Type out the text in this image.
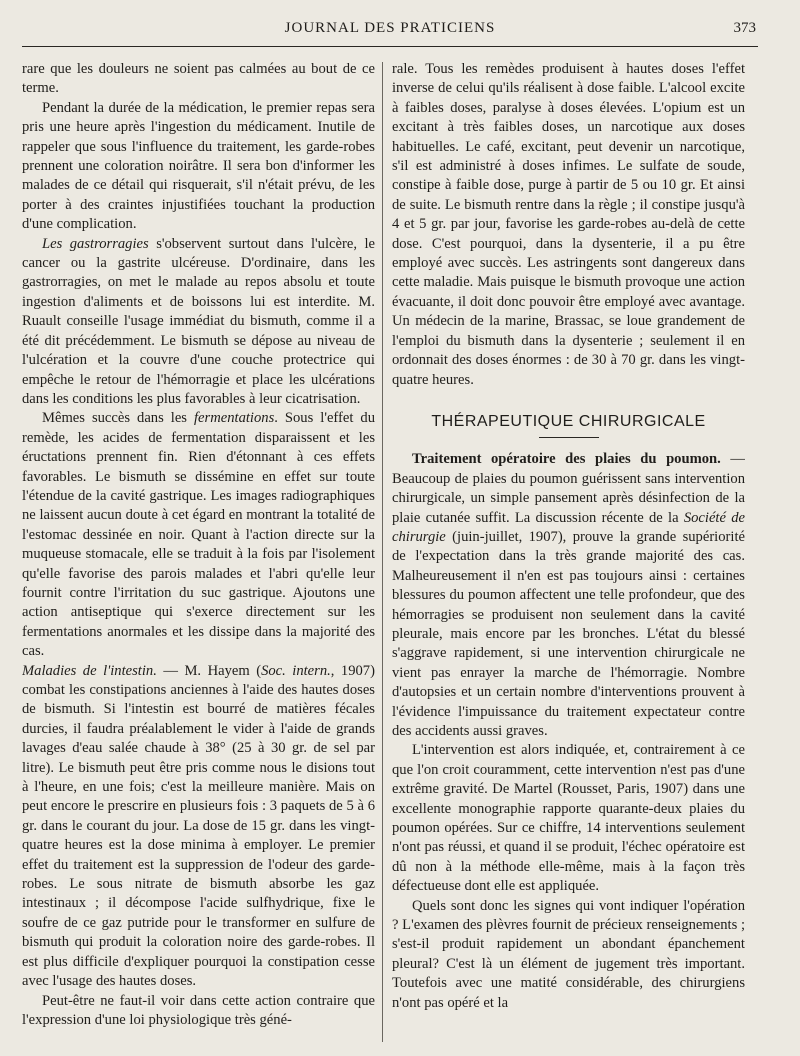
JOURNAL DES PRATICIENS	373

rare que les douleurs ne soient pas calmées au bout de ce terme.

Pendant la durée de la médication, le premier repas sera pris une heure après l'ingestion du médicament. Inutile de rappeler que sous l'influence du traitement, les garde-robes prennent une coloration noirâtre. Il sera bon d'informer les malades de ce détail qui risquerait, s'il n'était prévu, de les porter à des craintes injustifiées touchant la production d'une complication.

Les gastrorragies s'observent surtout dans l'ulcère, le cancer ou la gastrite ulcéreuse. D'ordinaire, dans les gastrorragies, on met le malade au repos absolu et toute ingestion d'aliments et de boissons lui est interdite. M. Ruault conseille l'usage immédiat du bismuth, comme il a été dit précédemment. Le bismuth se dépose au niveau de l'ulcération et la couvre d'une couche protectrice qui empêche le retour de l'hémorragie et place les ulcérations dans les conditions les plus favorables à leur cicatrisation.

Mêmes succès dans les fermentations. Sous l'effet du remède, les acides de fermentation disparaissent et les éructations prennent fin. Rien d'étonnant à ces effets favorables. Le bismuth se dissémine en effet sur toute l'étendue de la cavité gastrique. Les images radiographiques ne laissent aucun doute à cet égard en montrant la totalité de l'estomac dessinée en noir. Quant à l'action directe sur la muqueuse stomacale, elle se traduit à la fois par l'isolement qu'elle favorise des parois malades et l'abri qu'elle leur fournit contre l'irritation du suc gastrique. Ajoutons une action antiseptique qui s'exerce directement sur les fermentations anormales et les dissipe dans la majorité des cas.

Maladies de l'intestin. — M. Hayem (Soc. intern., 1907) combat les constipations anciennes à l'aide des hautes doses de bismuth. Si l'intestin est bourré de matières fécales durcies, il faudra préalablement le vider à l'aide de grands lavages d'eau salée chaude à 38° (25 à 30 gr. de sel par litre). Le bismuth peut être pris comme nous le disions tout à l'heure, en une fois; c'est la meilleure manière. Mais on peut encore le prescrire en plusieurs fois : 3 paquets de 5 à 6 gr. dans le courant du jour. La dose de 15 gr. dans les vingt-quatre heures est la dose minima à employer. Le premier effet du traitement est la suppression de l'odeur des garde-robes. Le sous nitrate de bismuth absorbe les gaz intestinaux ; il décompose l'acide sulfhydrique, fixe le soufre de ce gaz putride pour le transformer en sulfure de bismuth qui produit la coloration noire des garde-robes. Il est plus difficile d'expliquer pourquoi la constipation cesse avec l'usage des hautes doses.

Peut-être ne faut-il voir dans cette action contraire que l'expression d'une loi physiologique très géné-

rale. Tous les remèdes produisent à hautes doses l'effet inverse de celui qu'ils réalisent à dose faible. L'alcool excite à faibles doses, paralyse à doses élevées. L'opium est un excitant à très faibles doses, un narcotique aux doses habituelles. Le café, excitant, peut devenir un narcotique, s'il est administré à doses infimes. Le sulfate de soude, constipe à faible dose, purge à partir de 5 ou 10 gr. Et ainsi de suite. Le bismuth rentre dans la règle ; il constipe jusqu'à 4 et 5 gr. par jour, favorise les garde-robes au-delà de cette dose. C'est pourquoi, dans la dysenterie, il a pu être employé avec succès. Les astringents sont dangereux dans cette maladie. Mais puisque le bismuth provoque une action évacuante, il doit donc pouvoir être employé avec avantage. Un médecin de la marine, Brassac, se loue grandement de l'emploi du bismuth dans la dysenterie ; seulement il en ordonnait des doses énormes : de 30 à 70 gr. dans les vingt-quatre heures.

THÉRAPEUTIQUE CHIRURGICALE

Traitement opératoire des plaies du poumon. — Beaucoup de plaies du poumon guérissent sans intervention chirurgicale, un simple pansement après désinfection de la plaie cutanée suffit. La discussion récente de la Société de chirurgie (juin-juillet, 1907), prouve la grande supériorité de l'expectation dans la très grande majorité des cas. Malheureusement il n'en est pas toujours ainsi : certaines blessures du poumon affectent une telle profondeur, que des hémorragies se produisent non seulement dans la cavité pleurale, mais encore par les bronches. L'état du blessé s'aggrave rapidement, si une intervention chirurgicale ne vient pas enrayer la marche de l'hémorragie. Nombre d'autopsies et un certain nombre d'interventions prouvent à l'évidence l'impuissance du traitement expectateur contre des accidents aussi graves.

L'intervention est alors indiquée, et, contrairement à ce que l'on croit couramment, cette intervention n'est pas d'une extrême gravité. De Martel (Rousset, Paris, 1907) dans une excellente monographie rapporte quarante-deux plaies du poumon opérées. Sur ce chiffre, 14 interventions seulement n'ont pas réussi, et quand il se produit, l'échec opératoire est dû non à la méthode elle-même, mais à la façon très défectueuse dont elle est appliquée.

Quels sont donc les signes qui vont indiquer l'opération ? L'examen des plèvres fournit de précieux renseignements ; s'est-il produit rapidement un abondant épanchement pleural? C'est là un élément de jugement très important. Toutefois avec une matité considérable, des chirurgiens n'ont pas opéré et la
